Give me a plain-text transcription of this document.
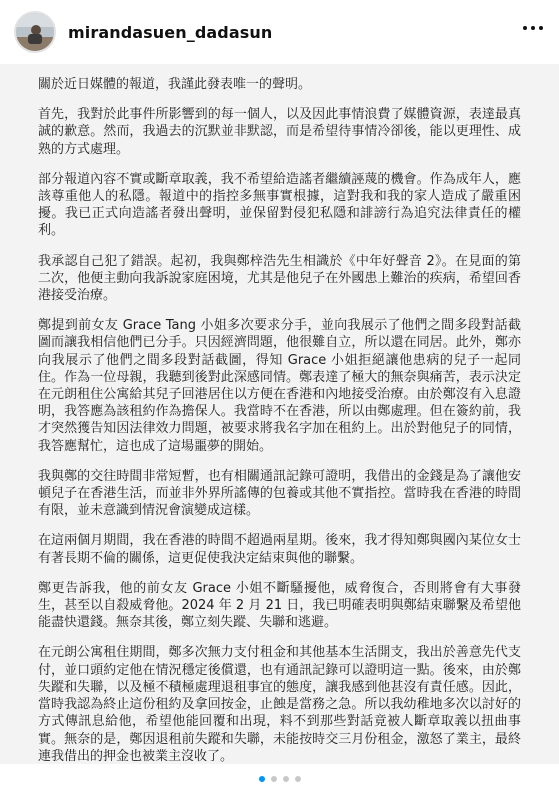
mirandasuen_dadasun

關於近日媒體的報道，我謹此發表唯一的聲明。

首先，我對於此事件所影響到的每一個人，以及因此事情浪費了媒體資源，表達最真誠的歉意。然而，我過去的沉默並非默認，而是希望待事情冷卻後，能以更理性、成熟的方式處理。

部分報道內容不實或斷章取義，我不希望給造謠者繼續誣蔑的機會。作為成年人，應該尊重他人的私隱。報道中的指控多無事實根據，這對我和我的家人造成了嚴重困擾。我已正式向造謠者發出聲明，並保留對侵犯私隱和誹謗行為追究法律責任的權利。

我承認自己犯了錯誤。起初，我與鄭梓浩先生相識於《中年好聲音 2》。在見面的第二次，他便主動向我訴說家庭困境，尤其是他兒子在外國患上難治的疾病，希望回香港接受治療。

鄭提到前女友 Grace Tang 小姐多次要求分手，並向我展示了他們之間多段對話截圖而讓我相信他們已分手。只因經濟問題，他很難自立，所以還在同居。此外，鄭亦向我展示了他們之間多段對話截圖，得知 Grace 小姐拒絕讓他患病的兒子一起同住。作為一位母親，我聽到後對此深感同情。鄭表達了極大的無奈與痛苦，表示決定在元朗租住公寓給其兒子回港居住以方便在香港和內地接受治療。由於鄭沒有入息證明，我答應為該租約作為擔保人。我當時不在香港，所以由鄭處理。但在簽約前，我才突然獲告知因法律效力問題，被要求將我名字加在租約上。出於對他兒子的同情，我答應幫忙，這也成了這場噩夢的開始。

我與鄭的交往時間非常短暫，也有相關通訊記錄可證明，我借出的金錢是為了讓他安頓兒子在香港生活，而並非外界所謠傳的包養或其他不實指控。當時我在香港的時間有限，並未意識到情況會演變成這樣。

在這兩個月期間，我在香港的時間不超過兩星期。後來，我才得知鄭與國內某位女士有著長期不倫的關係，這更促使我決定結束與他的聯繫。

鄭更告訴我，他的前女友 Grace 小姐不斷騷擾他，威脅復合，否則將會有大事發生，甚至以自殺威脅他。2024 年 2 月 21 日，我已明確表明與鄭結束聯繫及希望他能盡快還錢。無奈其後，鄭立刻失蹤、失聯和逃避。

在元朗公寓租住期間，鄭多次無力支付租金和其他基本生活開支，我出於善意先代支付，並口頭約定他在情況穩定後償還，也有通訊記錄可以證明這一點。後來，由於鄭失蹤和失聯，以及極不積極處理退租事宜的態度，讓我感到他甚沒有責任感。因此，當時我認為終止這份租約及拿回按金，止蝕是當務之急。所以我幼稚地多次以討好的方式傳訊息給他，希望他能回覆和出現，料不到那些對話竟被人斷章取義以扭曲事實。無奈的是，鄭因退租前失蹤和失聯，未能按時交三月份租金，激怒了業主，最終連我借出的押金也被業主沒收了。
